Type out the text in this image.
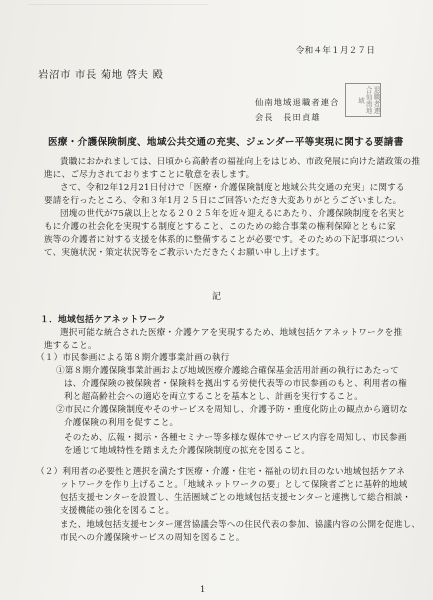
令和４年１月２７日
岩沼市 市長 菊地 啓夫 殿
仙南地域退職者連合
会長　長田貞雄
退職者連合仙南地域
医療・介護保険制度、地域公共交通の充実、ジェンダー平等実現に関する要請書
貴職におかれましては、日頃から高齢者の福祉向上をはじめ、市政発展に向けた諸政策の推
進に、ご尽力されておりますことに敬意を表します。
さて、令和2年12月21日付けで「医療・介護保険制度と地域公共交通の充実」に関する
要請を行ったところ、令和３年1月２５日にご回答いただき大変ありがとうございました。
団塊の世代が75歳以上となる２０２５年を近々迎えるにあたり、介護保険制度を名実と
もに介護の社会化を実現する制度とすること、このための総合事業の権利保障とともに家
族等の介護者に対する支援を体系的に整備することが必要です。そのための下記事項につい
て、実施状況・策定状況等をご教示いただきたくお願い申し上げます。
記
１．地域包括ケアネットワーク
選択可能な統合された医療・介護ケアを実現するため、地域包括ケアネットワークを推
進すること。
（１）市民参画による第８期介護事業計画の執行
①第８期介護保険事業計画および地域医療介護総合確保基金活用計画の執行にあたって
は、介護保険の被保険者・保険料を拠出する労使代表等の市民参画のもと、利用者の権
利と超高齢社会への適応を両立することを基本とし、計画を実行すること。
②市民に介護保険制度やそのサービスを周知し、介護予防・重度化防止の観点から適切な
介護保険の利用を促すこと。
そのため、広報・掲示・各種セミナー等多様な媒体でサービス内容を周知し、市民参画
を通じて地域特性を踏まえた介護保険制度の拡充を図ること。
（２）利用者の必要性と選択を満たす医療・介護・住宅・福祉の切れ目のない地域包括ケアネ
ットワークを作り上げること。「地域ネットワークの要」として保険者ごとに基幹的地域
包括支援センターを設置し、生活圏域ごとの地域包括支援センターと連携して総合相談・
支援機能の強化を図ること。
また、地域包括支援センター運営協議会等への住民代表の参加、協議内容の公開を促進し、
市民への介護保険サービスの周知を図ること。
1
